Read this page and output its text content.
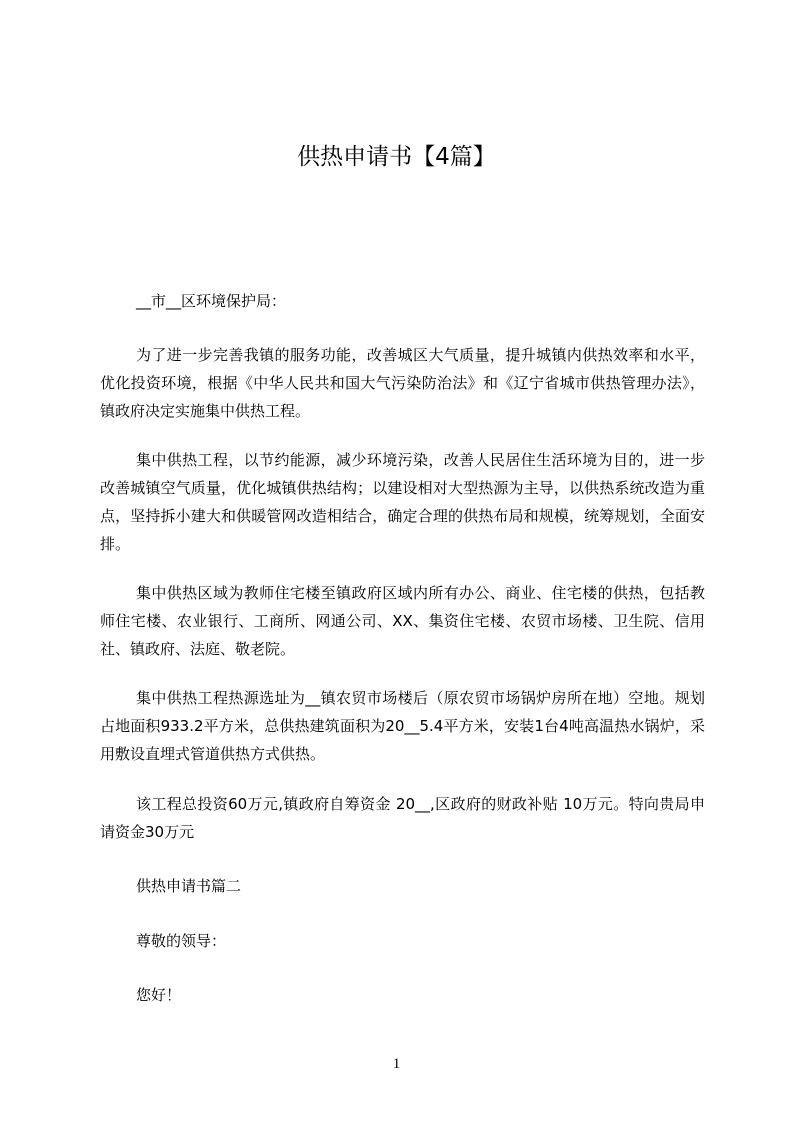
供热申请书【4篇】
__市__区环境保护局：
为了进一步完善我镇的服务功能，改善城区大气质量，提升城镇内供热效率和水平，优化投资环境，根据《中华人民共和国大气污染防治法》和《辽宁省城市供热管理办法》，镇政府决定实施集中供热工程。
集中供热工程，以节约能源，减少环境污染，改善人民居住生活环境为目的，进一步改善城镇空气质量，优化城镇供热结构；以建设相对大型热源为主导，以供热系统改造为重点，坚持拆小建大和供暖管网改造相结合，确定合理的供热布局和规模，统筹规划，全面安排。
集中供热区域为教师住宅楼至镇政府区域内所有办公、商业、住宅楼的供热，包括教师住宅楼、农业银行、工商所、网通公司、XX、集资住宅楼、农贸市场楼、卫生院、信用社、镇政府、法庭、敬老院。
集中供热工程热源选址为__镇农贸市场楼后（原农贸市场锅炉房所在地）空地。规划占地面积933.2平方米，总供热建筑面积为20__5.4平方米，安装1台4吨高温热水锅炉，采用敷设直埋式管道供热方式供热。
该工程总投资60万元,镇政府自筹资金 20__,区政府的财政补贴 10万元。特向贵局申请资金30万元
供热申请书篇二
尊敬的领导：
您好！
1
